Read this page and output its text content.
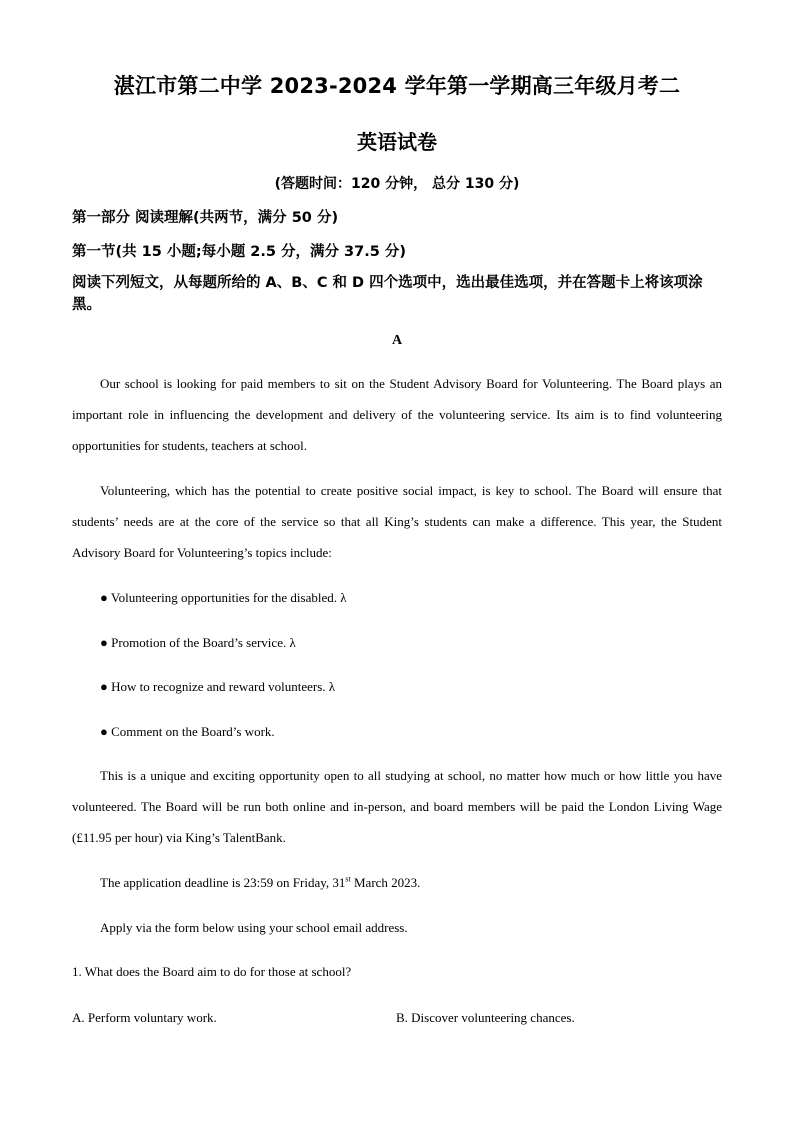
湛江市第二中学 2023-2024 学年第一学期高三年级月考二
英语试卷
(答题时间：120 分钟， 总分 130 分)
第一部分 阅读理解(共两节，满分 50 分)
第一节(共 15 小题;每小题 2.5 分，满分 37.5 分)
阅读下列短文，从每题所给的 A、B、C 和 D 四个选项中，选出最佳选项，并在答题卡上将该项涂黑。
A
Our school is looking for paid members to sit on the Student Advisory Board for Volunteering. The Board plays an important role in influencing the development and delivery of the volunteering service. Its aim is to find volunteering opportunities for students, teachers at school.
Volunteering, which has the potential to create positive social impact, is key to school. The Board will ensure that students’ needs are at the core of the service so that all King’s students can make a difference. This year, the Student Advisory Board for Volunteering’s topics include:
● Volunteering opportunities for the disabled. λ
● Promotion of the Board’s service. λ
● How to recognize and reward volunteers. λ
● Comment on the Board’s work.
This is a unique and exciting opportunity open to all studying at school, no matter how much or how little you have volunteered. The Board will be run both online and in-person, and board members will be paid the London Living Wage (£11.95 per hour) via King’s TalentBank.
The application deadline is 23:59 on Friday, 31st March 2023.
Apply via the form below using your school email address.
1. What does the Board aim to do for those at school?
A. Perform voluntary work.	B. Discover volunteering chances.
